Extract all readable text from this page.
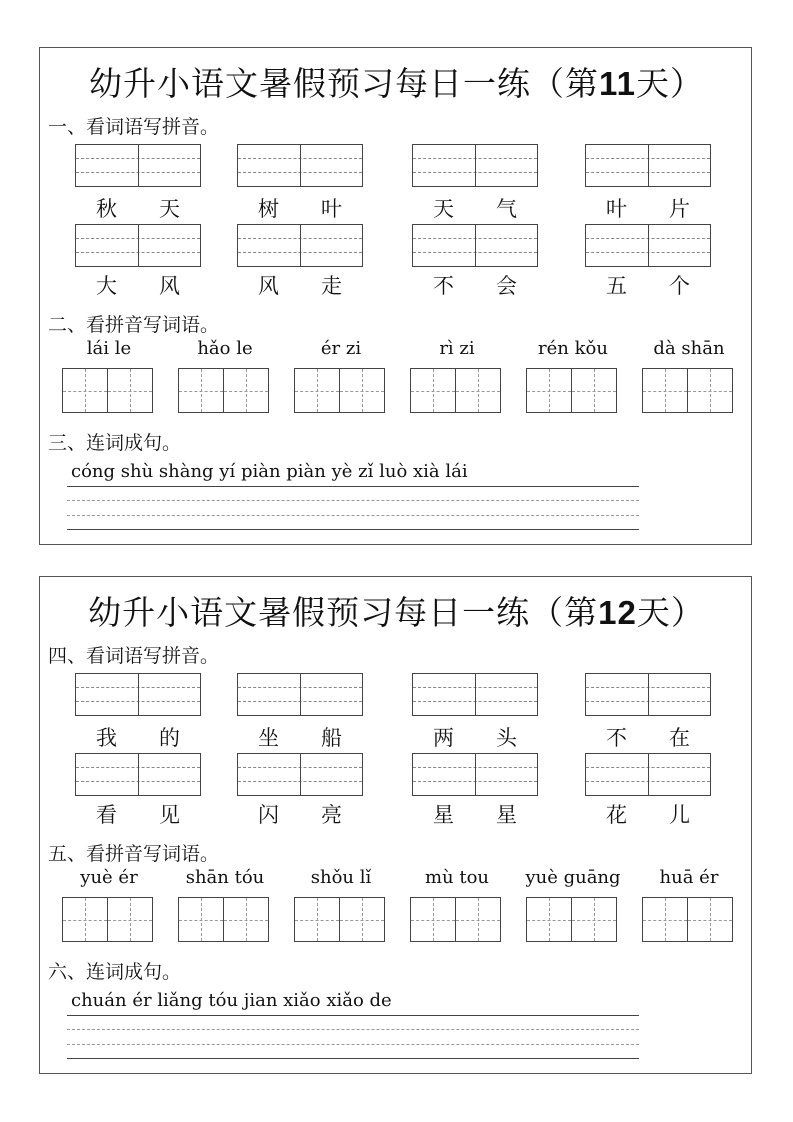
幼升小语文暑假预习每日一练（第11天）
一、看词语写拼音。
秋 天	树 叶	天 气	叶 片
大 风	风 走	不 会	五 个
二、看拼音写词语。
lái le	hǎo le	ér zi	rì zi	rén kǒu	dà shān
三、连词成句。
cóng shù shàng yí piàn piàn yè zǐ luò xià lái
幼升小语文暑假预习每日一练（第12天）
四、看词语写拼音。
我 的	坐 船	两 头	不 在
看 见	闪 亮	星 星	花 儿
五、看拼音写词语。
yuè ér	shān tóu	shǒu lǐ	mù tou	yuè guāng	huā ér
六、连词成句。
chuán ér liǎng tóu jian xiǎo xiǎo de
